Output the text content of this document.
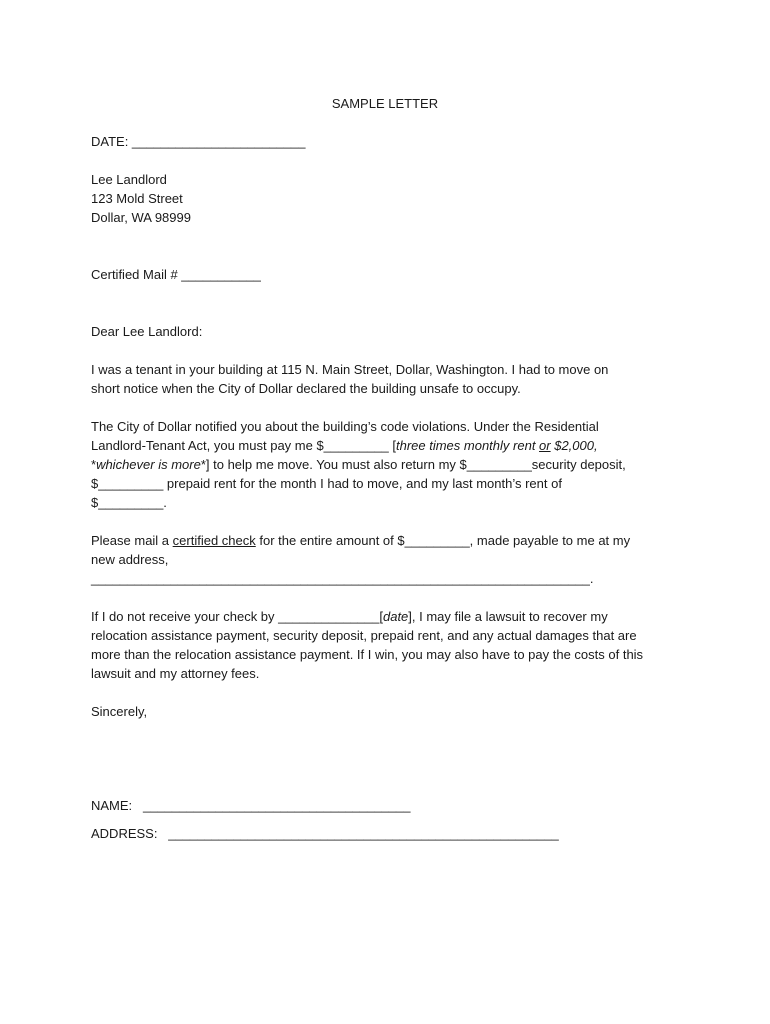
SAMPLE LETTER
DATE: ________________________
Lee Landlord
123 Mold Street
Dollar, WA 98999
Certified Mail # ___________
Dear Lee Landlord:
I was a tenant in your building at 115 N. Main Street, Dollar, Washington. I had to move on
short notice when the City of Dollar declared the building unsafe to occupy.
The City of Dollar notified you about the building’s code violations. Under the Residential
Landlord-Tenant Act, you must pay me $_________ [three times monthly rent or $2,000,
*whichever is more*] to help me move. You must also return my $_________security deposit,
$_________ prepaid rent for the month I had to move, and my last month’s rent of
$_________.
Please mail a certified check for the entire amount of $_________, made payable to me at my
new address,
_____________________________________________________________________.
If I do not receive your check by ______________[date], I may file a lawsuit to recover my
relocation assistance payment, security deposit, prepaid rent, and any actual damages that are
more than the relocation assistance payment. If I win, you may also have to pay the costs of this
lawsuit and my attorney fees.
Sincerely,
NAME:   _____________________________________
ADDRESS:   ______________________________________________________
